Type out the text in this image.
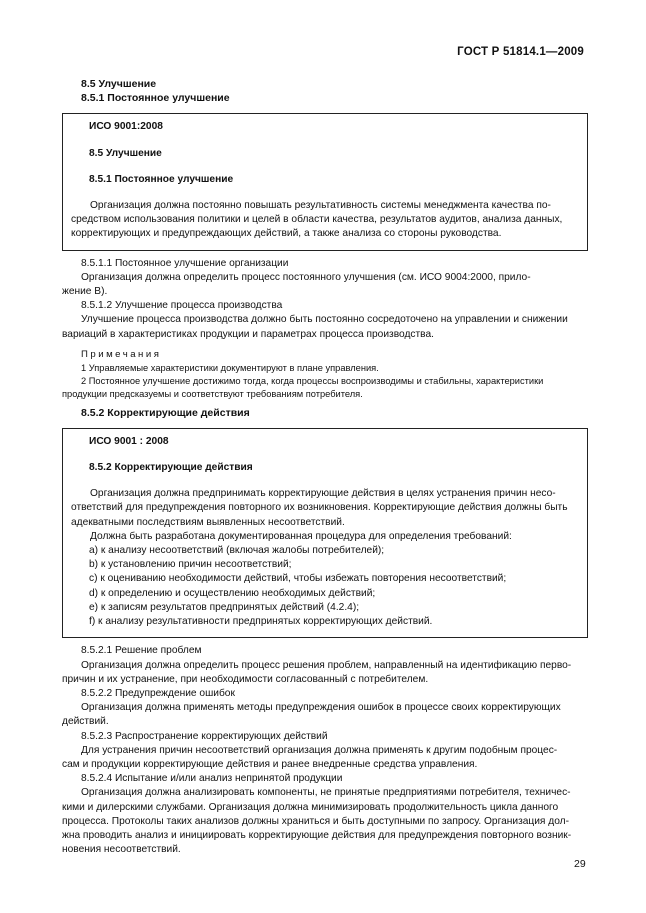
ГОСТ Р 51814.1—2009
8.5 Улучшение
8.5.1 Постоянное улучшение
ИСО 9001:2008
8.5 Улучшение
8.5.1 Постоянное улучшение
Организация должна постоянно повышать результативность системы менеджмента качества по-
средством использования политики и целей в области качества, результатов аудитов, анализа данных,
корректирующих и предупреждающих действий, а также анализа со стороны руководства.
8.5.1.1 Постоянное улучшение организации
Организация должна определить процесс постоянного улучшения (см. ИСО 9004:2000, прило-
жение В).
8.5.1.2 Улучшение процесса производства
Улучшение процесса производства должно быть постоянно сосредоточено на управлении и снижении
вариаций в характеристиках продукции и параметрах процесса производства.
Примечания
1 Управляемые характеристики документируют в плане управления.
2 Постоянное улучшение достижимо тогда, когда процессы воспроизводимы и стабильны, характеристики
продукции предсказуемы и соответствуют требованиям потребителя.
8.5.2 Корректирующие действия
ИСО 9001 : 2008
8.5.2 Корректирующие действия
Организация должна предпринимать корректирующие действия в целях устранения причин несо-
ответствий для предупреждения повторного их возникновения. Корректирующие действия должны быть
адекватными последствиям выявленных несоответствий.
Должна быть разработана документированная процедура для определения требований:
a) к анализу несоответствий (включая жалобы потребителей);
b) к установлению причин несоответствий;
c) к оцениванию необходимости действий, чтобы избежать повторения несоответствий;
d) к определению и осуществлению необходимых действий;
e) к записям результатов предпринятых действий (4.2.4);
f) к анализу результативности предпринятых корректирующих действий.
8.5.2.1 Решение проблем
Организация должна определить процесс решения проблем, направленный на идентификацию перво-
причин и их устранение, при необходимости согласованный с потребителем.
8.5.2.2 Предупреждение ошибок
Организация должна применять методы предупреждения ошибок в процессе своих корректирующих
действий.
8.5.2.3 Распространение корректирующих действий
Для устранения причин несоответствий организация должна применять к другим подобным процес-
сам и продукции корректирующие действия и ранее внедренные средства управления.
8.5.2.4 Испытание и/или анализ непринятой продукции
Организация должна анализировать компоненты, не принятые предприятиями потребителя, техничес-
кими и дилерскими службами. Организация должна минимизировать продолжительность цикла данного
процесса. Протоколы таких анализов должны храниться и быть доступными по запросу. Организация дол-
жна проводить анализ и инициировать корректирующие действия для предупреждения повторного возник-
новения несоответствий.
29
